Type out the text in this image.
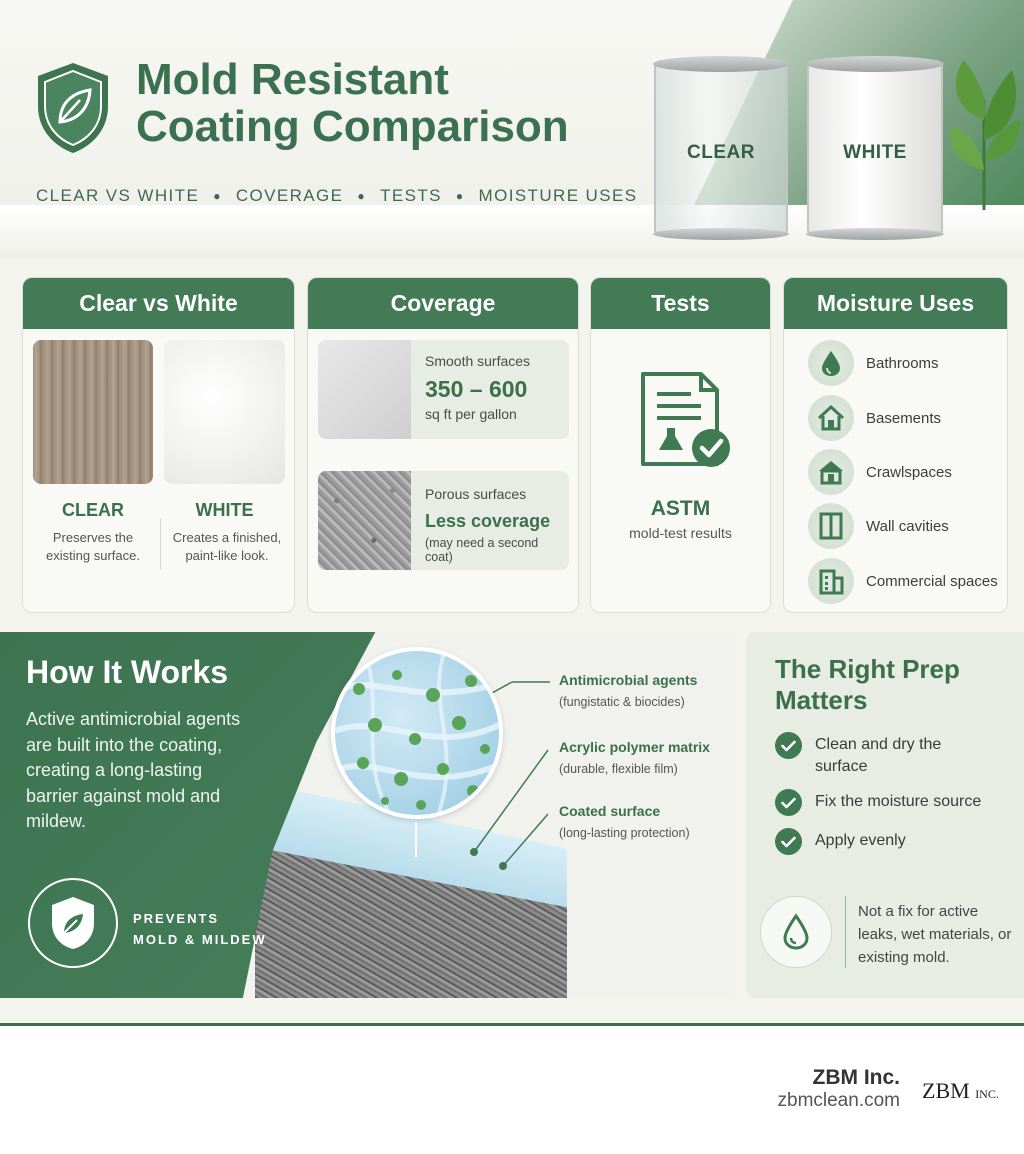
Mold Resistant
Coating Comparison
CLEAR VS WHITE ● COVERAGE ● TESTS ● MOISTURE USES
CLEAR	WHITE
Clear vs White
CLEAR
Preserves the existing surface.
WHITE
Creates a finished, paint-like look.
Coverage
Smooth surfaces
350 – 600
sq ft per gallon
Porous surfaces
Less coverage
(may need a second coat)
Tests
ASTM
mold-test results
Moisture Uses
Bathrooms
Basements
Crawlspaces
Wall cavities
Commercial spaces
How It Works
Active antimicrobial agents are built into the coating, creating a long-lasting barrier against mold and mildew.
PREVENTS
MOLD & MILDEW
Antimicrobial agents
(fungistatic & biocides)
Acrylic polymer matrix
(durable, flexible film)
Coated surface
(long-lasting protection)
The Right Prep Matters
Clean and dry the surface
Fix the moisture source
Apply evenly
Not a fix for active leaks, wet materials, or existing mold.
ZBM Inc.
zbmclean.com ZBM INC.
